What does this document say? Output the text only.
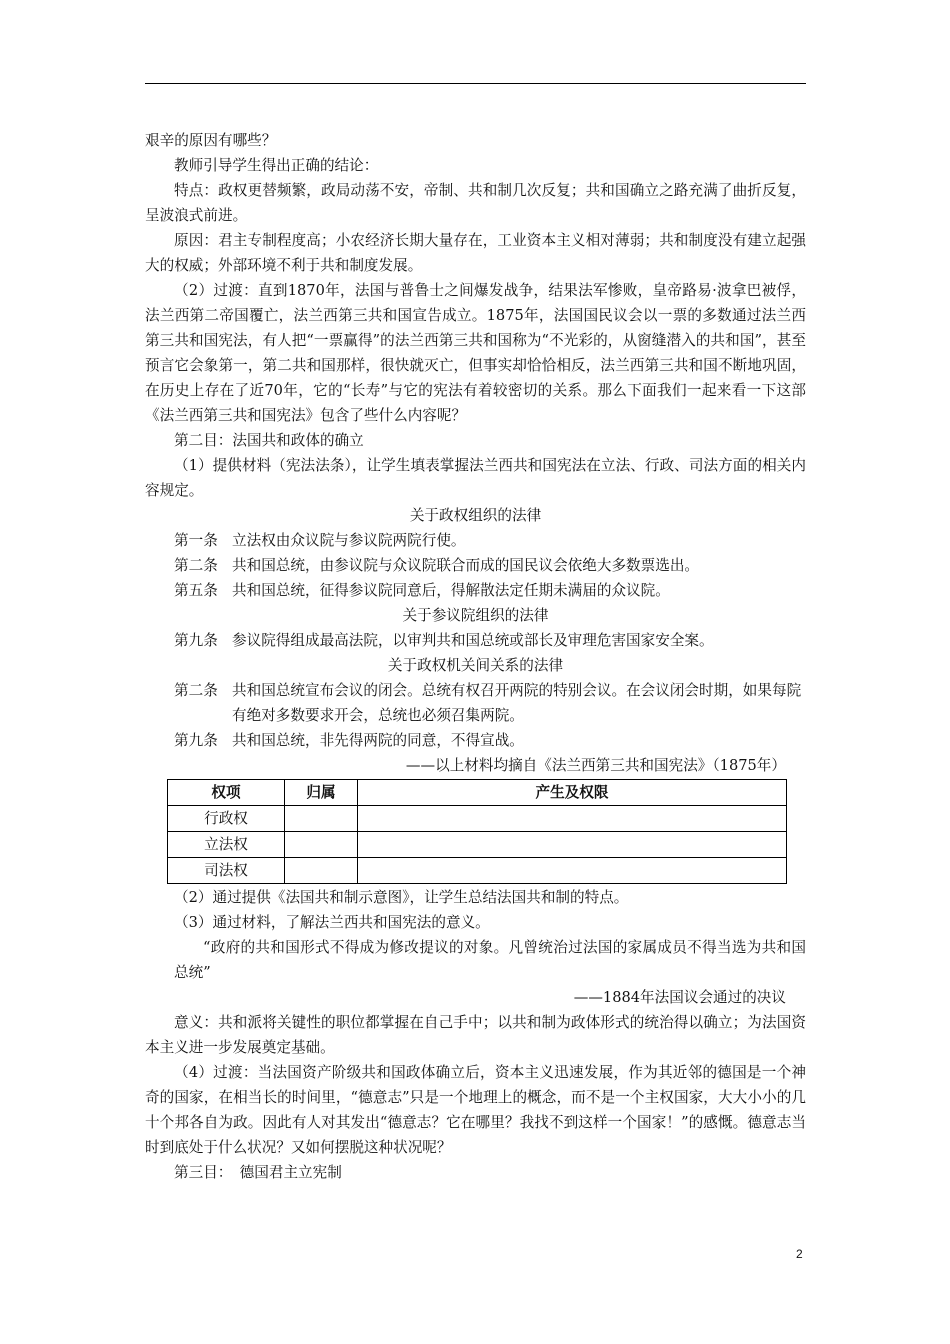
艰辛的原因有哪些？

教师引导学生得出正确的结论：

特点：政权更替频繁，政局动荡不安，帝制、共和制几次反复；共和国确立之路充满了曲折反复，呈波浪式前进。

原因：君主专制程度高；小农经济长期大量存在，工业资本主义相对薄弱；共和制度没有建立起强大的权威；外部环境不利于共和制度发展。

（2）过渡：直到1870年，法国与普鲁士之间爆发战争，结果法军惨败，皇帝路易·波拿巴被俘，法兰西第二帝国覆亡，法兰西第三共和国宣告成立。1875年，法国国民议会以一票的多数通过法兰西第三共和国宪法，有人把“一票赢得”的法兰西第三共和国称为“不光彩的，从窗缝潜入的共和国”，甚至预言它会象第一，第二共和国那样，很快就灭亡，但事实却恰恰相反，法兰西第三共和国不断地巩固，在历史上存在了近70年，它的“长寿”与它的宪法有着较密切的关系。那么下面我们一起来看一下这部《法兰西第三共和国宪法》包含了些什么内容呢？

第二目：法国共和政体的确立

（1）提供材料（宪法法条），让学生填表掌握法兰西共和国宪法在立法、行政、司法方面的相关内容规定。

关于政权组织的法律

第一条 立法权由众议院与参议院两院行使。
第二条 共和国总统，由参议院与众议院联合而成的国民议会依绝大多数票选出。
第五条 共和国总统，征得参议院同意后，得解散法定任期未满届的众议院。

关于参议院组织的法律

第九条 参议院得组成最高法院，以审判共和国总统或部长及审理危害国家安全案。

关于政权机关间关系的法律

第二条 共和国总统宣布会议的闭会。总统有权召开两院的特别会议。在会议闭会时期，如果每院有绝对多数要求开会，总统也必须召集两院。
第九条 共和国总统，非先得两院的同意，不得宣战。

——以上材料均摘自《法兰西第三共和国宪法》（1875年）

权项	归属	产生及权限
行政权		
立法权		
司法权		

（2）通过提供《法国共和制示意图》，让学生总结法国共和制的特点。

（3）通过材料，了解法兰西共和国宪法的意义。

“政府的共和国形式不得成为修改提议的对象。凡曾统治过法国的家属成员不得当选为共和国总统”

——1884年法国议会通过的决议

意义：共和派将关键性的职位都掌握在自己手中；以共和制为政体形式的统治得以确立；为法国资本主义进一步发展奠定基础。

（4）过渡：当法国资产阶级共和国政体确立后，资本主义迅速发展，作为其近邻的德国是一个神奇的国家，在相当长的时间里，“德意志”只是一个地理上的概念，而不是一个主权国家，大大小小的几十个邦各自为政。因此有人对其发出“德意志？它在哪里？我找不到这样一个国家！”的感慨。德意志当时到底处于什么状况？又如何摆脱这种状况呢？

第三目：　德国君主立宪制

2
